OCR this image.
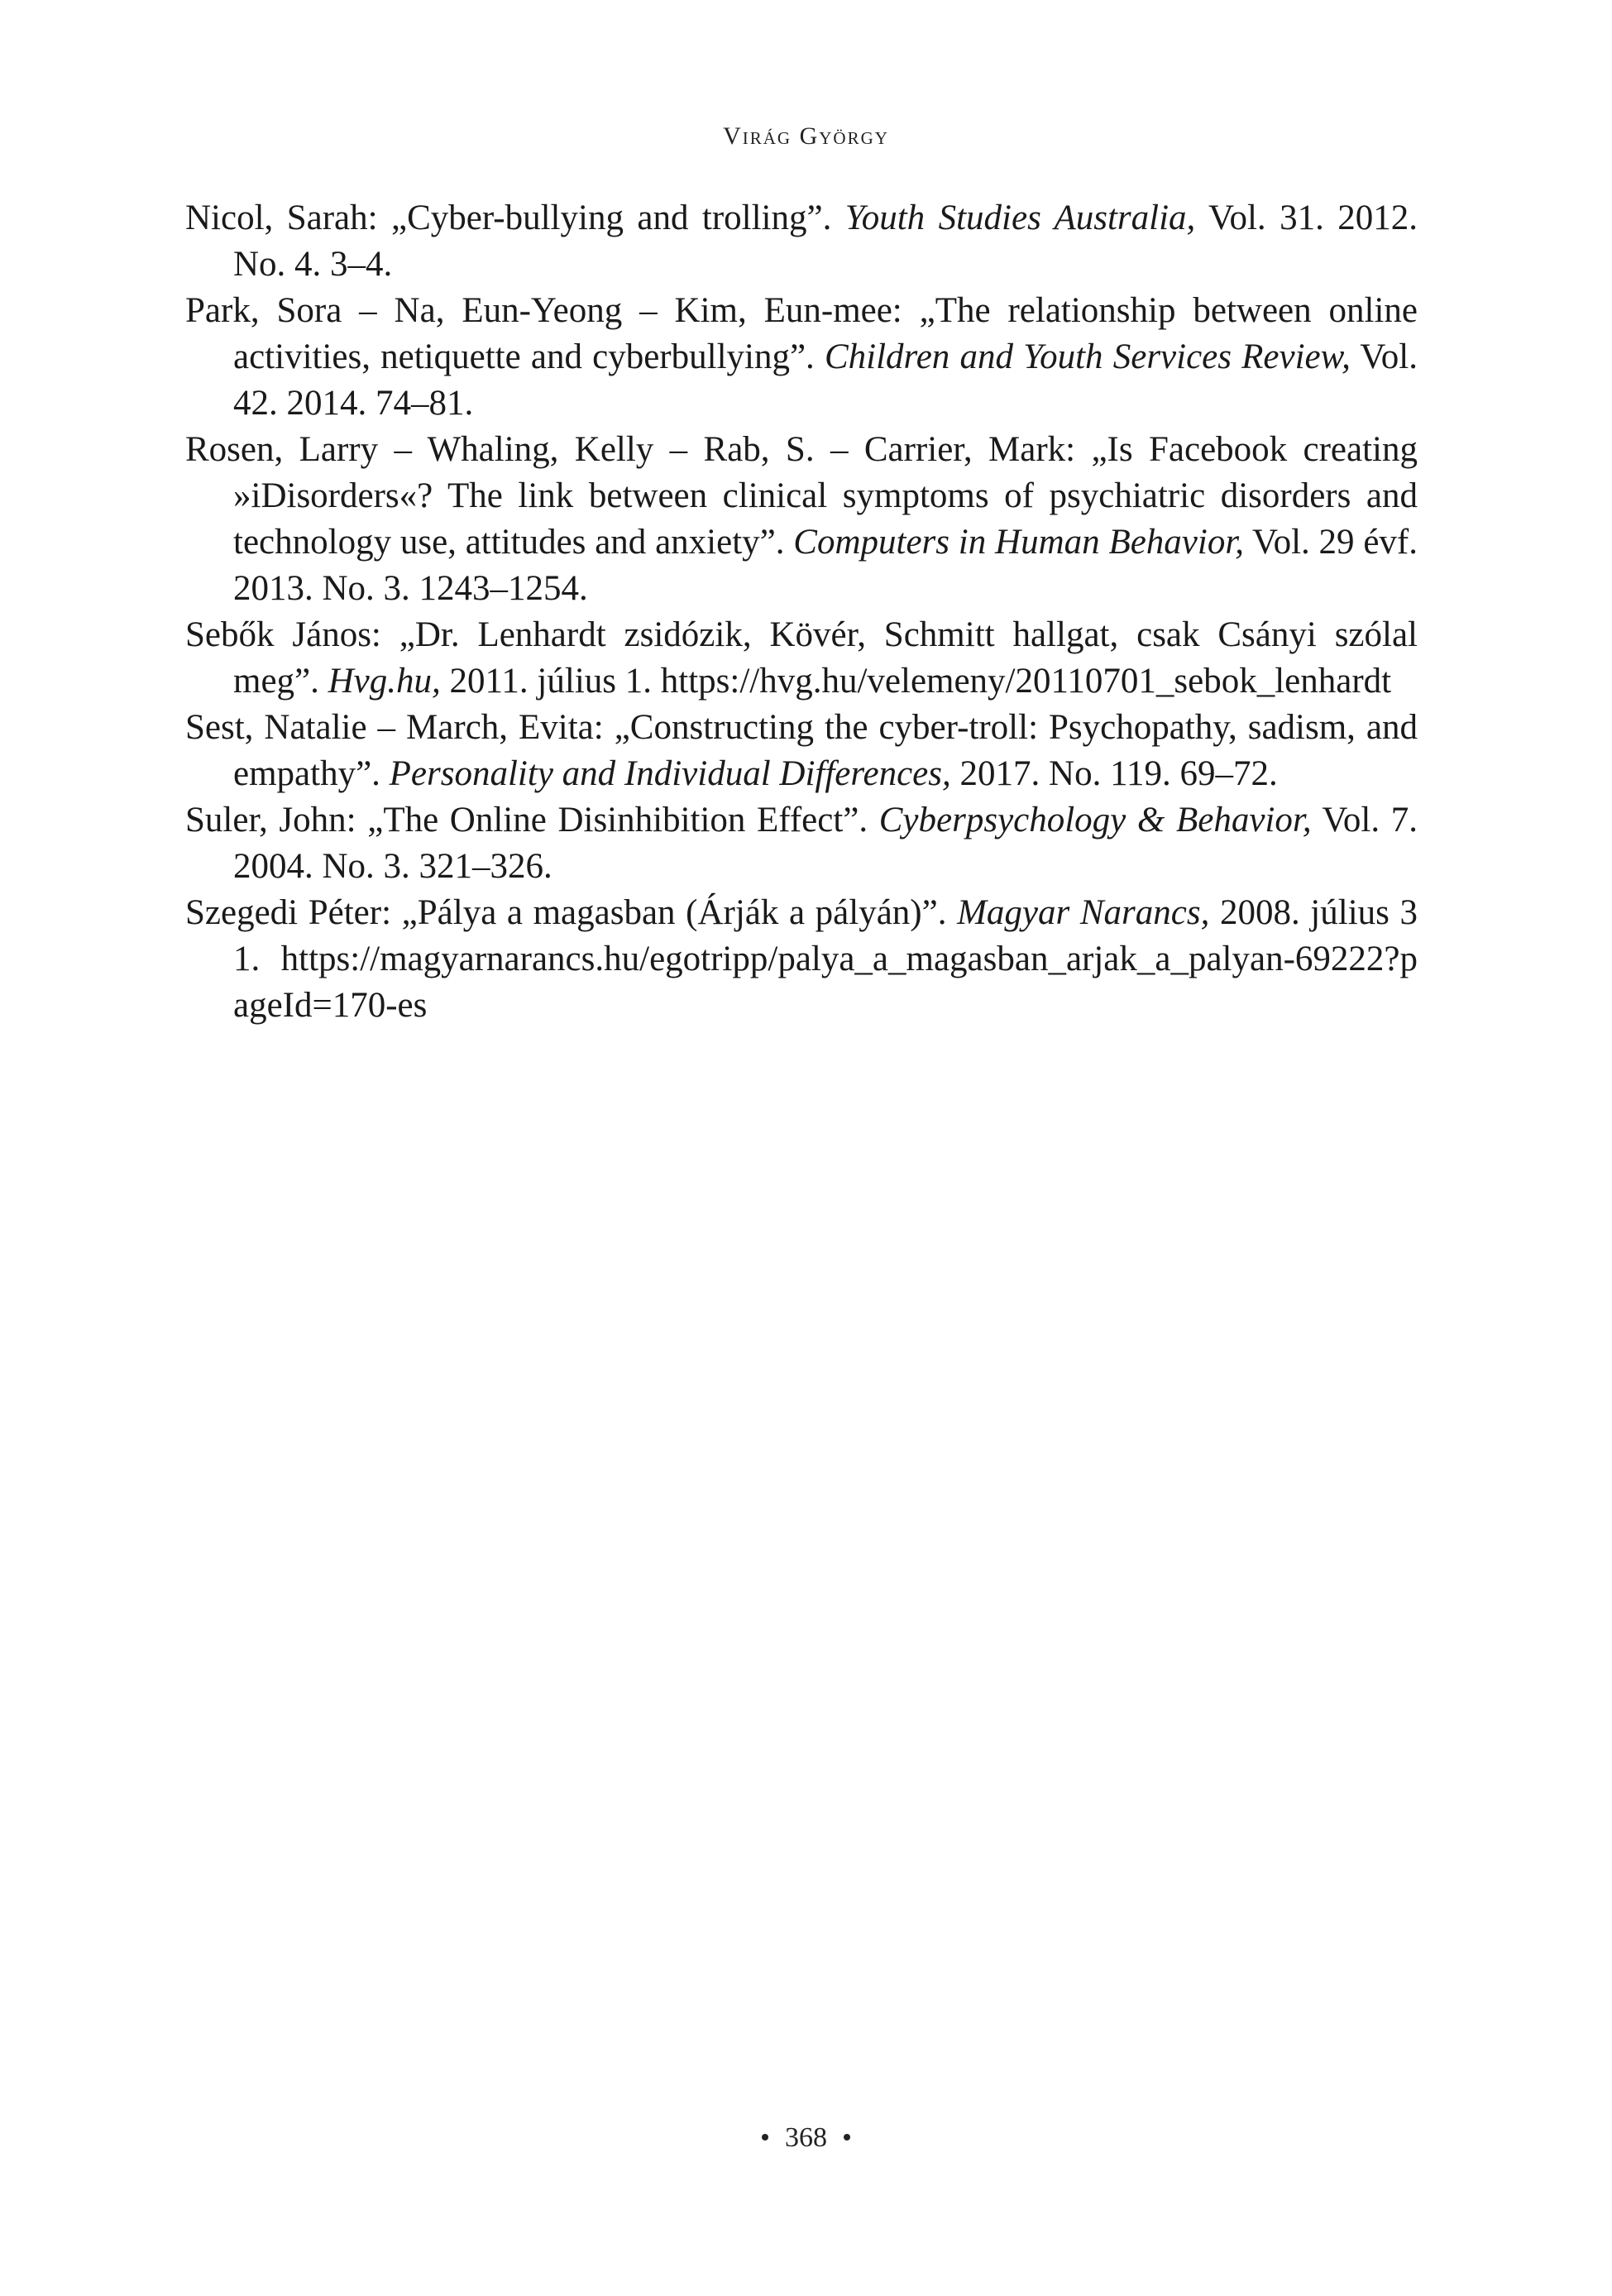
Virág György
Nicol, Sarah: „Cyber-bullying and trolling”. Youth Studies Australia, Vol. 31. 2012. No. 4. 3–4.
Park, Sora – Na, Eun-Yeong – Kim, Eun-mee: „The relationship between online activities, netiquette and cyberbullying”. Children and Youth Services Review, Vol. 42. 2014. 74–81.
Rosen, Larry – Whaling, Kelly – Rab, S. – Carrier, Mark: „Is Facebook creating »iDisorders«? The link between clinical symptoms of psychiatric disorders and technology use, attitudes and anxiety”. Computers in Human Behavior, Vol. 29 évf. 2013. No. 3. 1243–1254.
Sebők János: „Dr. Lenhardt zsidózik, Kövér, Schmitt hallgat, csak Csányi szólal meg”. Hvg.hu, 2011. július 1. https://hvg.hu/velemeny/20110701_sebok_lenhardt
Sest, Natalie – March, Evita: „Constructing the cyber-troll: Psychopathy, sadism, and empathy”. Personality and Individual Differences, 2017. No. 119. 69–72.
Suler, John: „The Online Disinhibition Effect”. Cyberpsychology & Behavior, Vol. 7. 2004. No. 3. 321–326.
Szegedi Péter: „Pálya a magasban (Árják a pályán)”. Magyar Narancs, 2008. július 31. https://magyarnarancs.hu/egotripp/palya_a_magasban_arjak_a_palyan-69222?pageId=170-es
368
